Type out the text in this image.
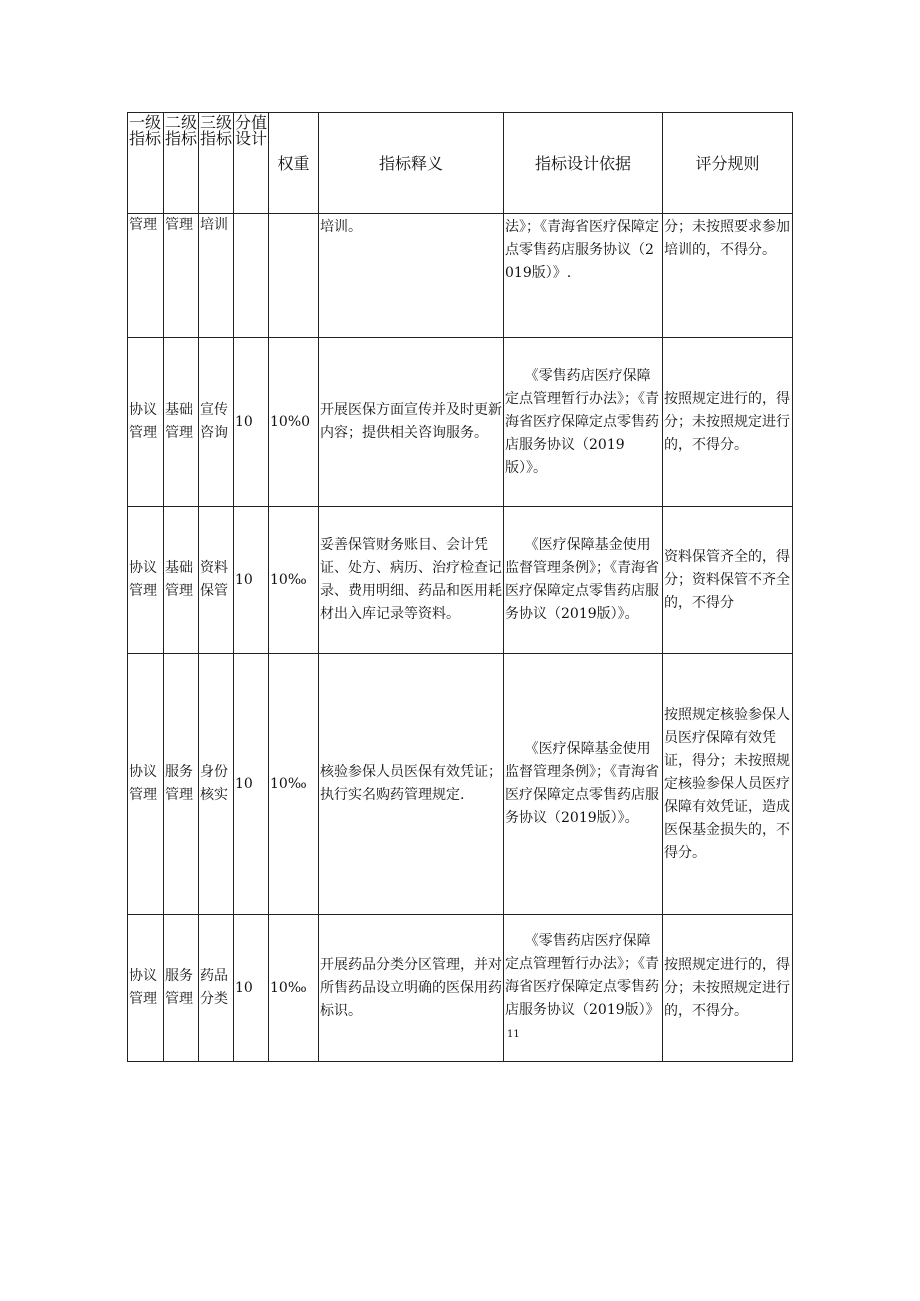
一级指标	二级指标	三级指标	分值设计	权重	指标释义	指标设计依据	评分规则
管理	管理	培训			培训。	法》；《青海省医疗保障定点零售药店服务协议（2019版）》.	分；未按照要求参加培训的，不得分。
协议管理	基础管理	宣传咨询	10	10%0	开展医保方面宣传并及时更新内容；提供相关咨询服务。	《零售药店医疗保障定点管理暂行办法》；《青海省医疗保障定点零售药店服务协议（2019版）》。	按照规定进行的，得分；未按照规定进行的，不得分。
协议管理	基础管理	资料保管	10	10‰	妥善保管财务账目、会计凭证、处方、病历、治疗检查记录、费用明细、药品和医用耗材出入库记录等资料。	《医疗保障基金使用监督管理条例》；《青海省医疗保障定点零售药店服务协议（2019版）》。	资料保管齐全的，得分；资料保管不齐全的，不得分
协议管理	服务管理	身份核实	10	10‰	核验参保人员医保有效凭证；执行实名购药管理规定.	《医疗保障基金使用监督管理条例》；《青海省医疗保障定点零售药店服务协议（2019版）》。	按照规定核验参保人员医疗保障有效凭证，得分；未按照规定核验参保人员医疗保障有效凭证，造成医保基金损失的，不得分。
协议管理	服务管理	药品分类	10	10‰	开展药品分类分区管理，并对所售药品设立明确的医保用药标识。	《零售药店医疗保障定点管理暂行办法》；《青海省医疗保障定点零售药店服务协议（2019版）》11	按照规定进行的，得分；未按照规定进行的，不得分。
